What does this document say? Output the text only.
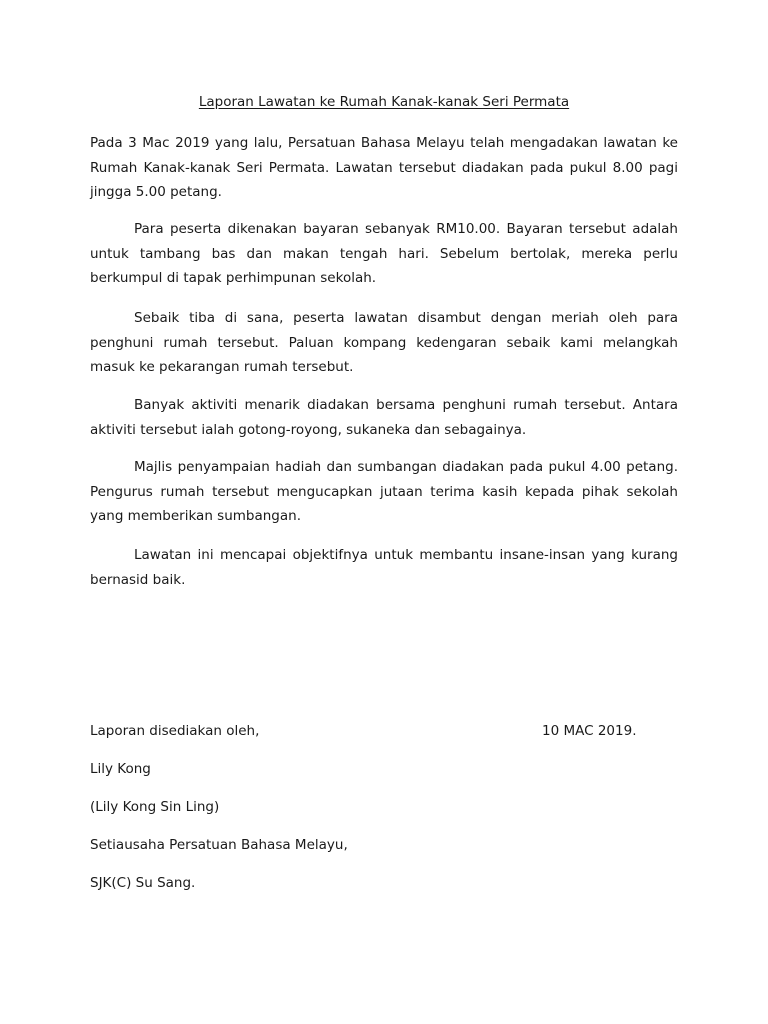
Laporan Lawatan ke Rumah Kanak-kanak Seri Permata

Pada 3 Mac 2019 yang lalu, Persatuan Bahasa Melayu telah mengadakan lawatan ke Rumah Kanak-kanak Seri Permata. Lawatan tersebut diadakan pada pukul 8.00 pagi jingga 5.00 petang.

Para peserta dikenakan bayaran sebanyak RM10.00. Bayaran tersebut adalah untuk tambang bas dan makan tengah hari. Sebelum bertolak, mereka perlu berkumpul di tapak perhimpunan sekolah.

Sebaik tiba di sana, peserta lawatan disambut dengan meriah oleh para penghuni rumah tersebut. Paluan kompang kedengaran sebaik kami melangkah masuk ke pekarangan rumah tersebut.

Banyak aktiviti menarik diadakan bersama penghuni rumah tersebut. Antara aktiviti tersebut ialah gotong-royong, sukaneka dan sebagainya.

Majlis penyampaian hadiah dan sumbangan diadakan pada pukul 4.00 petang. Pengurus rumah tersebut mengucapkan jutaan terima kasih kepada pihak sekolah yang memberikan sumbangan.

Lawatan ini mencapai objektifnya untuk membantu insane-insan yang kurang bernasid baik.

Laporan disediakan oleh,	10 MAC 2019.
Lily Kong
(Lily Kong Sin Ling)
Setiausaha Persatuan Bahasa Melayu,
SJK(C) Su Sang.
